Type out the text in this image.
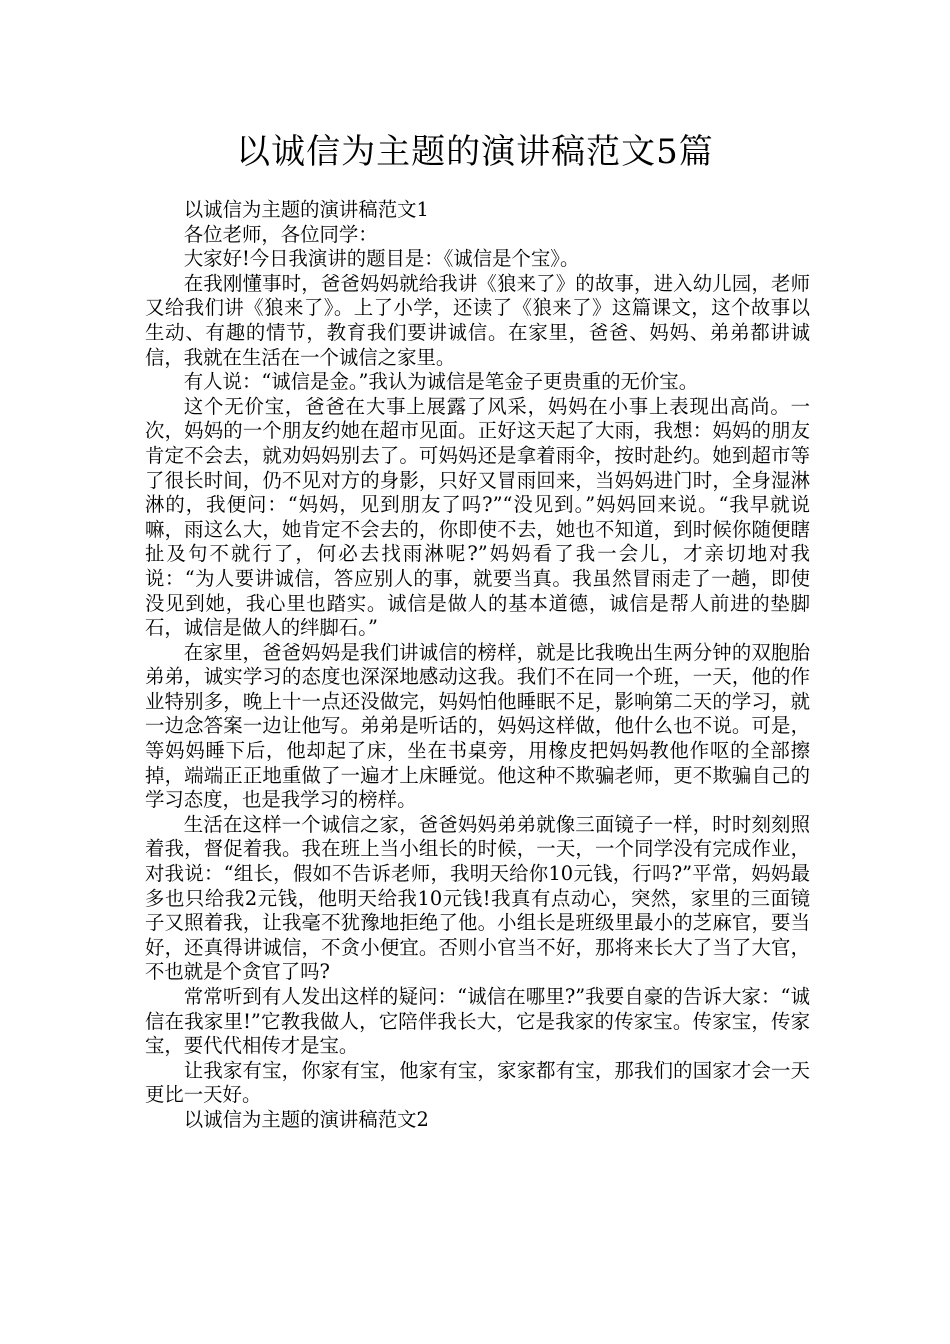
以诚信为主题的演讲稿范文5篇

以诚信为主题的演讲稿范文1

各位老师，各位同学：

大家好!今日我演讲的题目是：《诚信是个宝》。

在我刚懂事时，爸爸妈妈就给我讲《狼来了》的故事，进入幼儿园，老师又给我们讲《狼来了》。上了小学，还读了《狼来了》这篇课文，这个故事以生动、有趣的情节，教育我们要讲诚信。在家里，爸爸、妈妈、弟弟都讲诚信，我就在生活在一个诚信之家里。

有人说：“诚信是金。”我认为诚信是笔金子更贵重的无价宝。

这个无价宝，爸爸在大事上展露了风采，妈妈在小事上表现出高尚。一次，妈妈的一个朋友约她在超市见面。正好这天起了大雨，我想：妈妈的朋友肯定不会去，就劝妈妈别去了。可妈妈还是拿着雨伞，按时赴约。她到超市等了很长时间，仍不见对方的身影，只好又冒雨回来，当妈妈进门时，全身湿淋淋的，我便问：“妈妈，见到朋友了吗?”“没见到。”妈妈回来说。“我早就说嘛，雨这么大，她肯定不会去的，你即使不去，她也不知道，到时候你随便瞎扯及句不就行了，何必去找雨淋呢?”妈妈看了我一会儿，才亲切地对我说：“为人要讲诚信，答应别人的事，就要当真。我虽然冒雨走了一趟，即使没见到她，我心里也踏实。诚信是做人的基本道德，诚信是帮人前进的垫脚石，诚信是做人的绊脚石。”

在家里，爸爸妈妈是我们讲诚信的榜样，就是比我晚出生两分钟的双胞胎弟弟，诚实学习的态度也深深地感动这我。我们不在同一个班，一天，他的作业特别多，晚上十一点还没做完，妈妈怕他睡眠不足，影响第二天的学习，就一边念答案一边让他写。弟弟是听话的，妈妈这样做，他什么也不说。可是，等妈妈睡下后，他却起了床，坐在书桌旁，用橡皮把妈妈教他作呕的全部擦掉，端端正正地重做了一遍才上床睡觉。他这种不欺骗老师，更不欺骗自己的学习态度，也是我学习的榜样。

生活在这样一个诚信之家，爸爸妈妈弟弟就像三面镜子一样，时时刻刻照着我，督促着我。我在班上当小组长的时候，一天，一个同学没有完成作业，对我说：“组长，假如不告诉老师，我明天给你10元钱，行吗?”平常，妈妈最多也只给我2元钱，他明天给我10元钱!我真有点动心，突然，家里的三面镜子又照着我，让我毫不犹豫地拒绝了他。小组长是班级里最小的芝麻官，要当好，还真得讲诚信，不贪小便宜。否则小官当不好，那将来长大了当了大官，不也就是个贪官了吗?

常常听到有人发出这样的疑问：“诚信在哪里?”我要自豪的告诉大家：“诚信在我家里!”它教我做人，它陪伴我长大，它是我家的传家宝。传家宝，传家宝，要代代相传才是宝。

让我家有宝，你家有宝，他家有宝，家家都有宝，那我们的国家才会一天更比一天好。

以诚信为主题的演讲稿范文2
